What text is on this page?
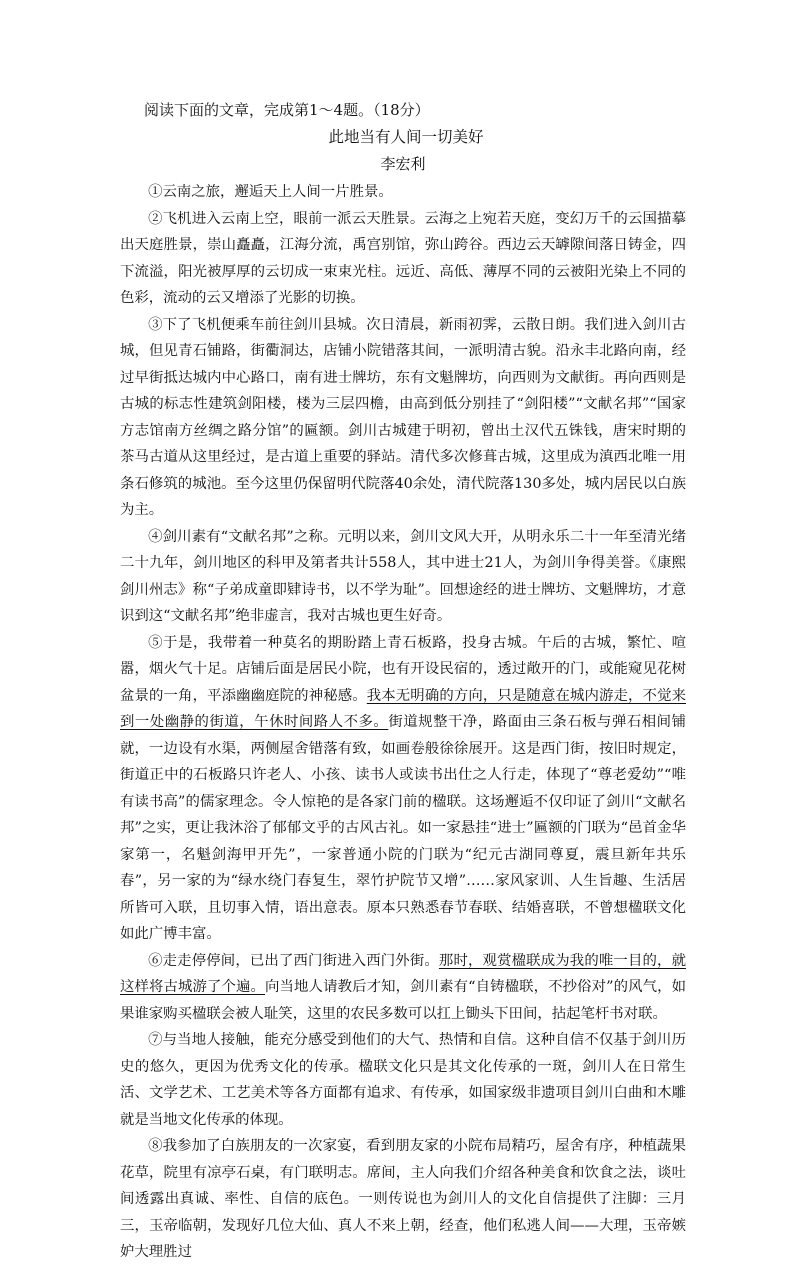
阅读下面的文章，完成第1～4题。（18分）

此地当有人间一切美好

李宏利

①云南之旅，邂逅天上人间一片胜景。

②飞机进入云南上空，眼前一派云天胜景。云海之上宛若天庭，变幻万千的云国描摹出天庭胜景，崇山矗矗，江海分流，禹宫别馆，弥山跨谷。西边云天罅隙间落日铸金，四下流溢，阳光被厚厚的云切成一束束光柱。远近、高低、薄厚不同的云被阳光染上不同的色彩，流动的云又增添了光影的切换。

③下了飞机便乘车前往剑川县城。次日清晨，新雨初霁，云散日朗。我们进入剑川古城，但见青石铺路，街衢洞达，店铺小院错落其间，一派明清古貌。沿永丰北路向南，经过早街抵达城内中心路口，南有进士牌坊，东有文魁牌坊，向西则为文献街。再向西则是古城的标志性建筑剑阳楼，楼为三层四檐，由高到低分别挂了“剑阳楼”“文献名邦”“国家方志馆南方丝绸之路分馆”的匾额。剑川古城建于明初，曾出土汉代五铢钱，唐宋时期的茶马古道从这里经过，是古道上重要的驿站。清代多次修葺古城，这里成为滇西北唯一用条石修筑的城池。至今这里仍保留明代院落40余处，清代院落130多处，城内居民以白族为主。

④剑川素有“文献名邦”之称。元明以来，剑川文风大开，从明永乐二十一年至清光绪二十九年，剑川地区的科甲及第者共计558人，其中进士21人，为剑川争得美誉。《康熙剑川州志》称“子弟成童即肄诗书，以不学为耻”。回想途经的进士牌坊、文魁牌坊，才意识到这“文献名邦”绝非虚言，我对古城也更生好奇。

⑤于是，我带着一种莫名的期盼踏上青石板路，投身古城。午后的古城，繁忙、喧嚣，烟火气十足。店铺后面是居民小院，也有开设民宿的，透过敞开的门，或能窥见花树盆景的一角，平添幽幽庭院的神秘感。我本无明确的方向，只是随意在城内游走，不觉来到一处幽静的街道，午休时间路人不多。街道规整干净，路面由三条石板与弹石相间铺就，一边设有水渠，两侧屋舍错落有致，如画卷般徐徐展开。这是西门街，按旧时规定，街道正中的石板路只许老人、小孩、读书人或读书出仕之人行走，体现了“尊老爱幼”“唯有读书高”的儒家理念。令人惊艳的是各家门前的楹联。这场邂逅不仅印证了剑川“文献名邦”之实，更让我沐浴了郁郁文乎的古风古礼。如一家悬挂“进士”匾额的门联为“邑首金华家第一，名魁剑海甲开先”，一家普通小院的门联为“纪元古湖同尊夏，震旦新年共乐春”，另一家的为“绿水绕门春复生，翠竹护院节又增”……家风家训、人生旨趣、生活居所皆可入联，且切事入情，语出意表。原本只熟悉春节春联、结婚喜联，不曾想楹联文化如此广博丰富。

⑥走走停停间，已出了西门街进入西门外街。那时，观赏楹联成为我的唯一目的，就这样将古城游了个遍。向当地人请教后才知，剑川素有“自铸楹联，不抄俗对”的风气，如果谁家购买楹联会被人耻笑，这里的农民多数可以扛上锄头下田间，拈起笔杆书对联。

⑦与当地人接触，能充分感受到他们的大气、热情和自信。这种自信不仅基于剑川历史的悠久，更因为优秀文化的传承。楹联文化只是其文化传承的一斑，剑川人在日常生活、文学艺术、工艺美术等各方面都有追求、有传承，如国家级非遗项目剑川白曲和木雕就是当地文化传承的体现。

⑧我参加了白族朋友的一次家宴，看到朋友家的小院布局精巧，屋舍有序，种植蔬果花草，院里有凉亭石桌，有门联明志。席间，主人向我们介绍各种美食和饮食之法，谈吐间透露出真诚、率性、自信的底色。一则传说也为剑川人的文化自信提供了注脚：三月三，玉帝临朝，发现好几位大仙、真人不来上朝，经查，他们私逃人间——大理，玉帝嫉妒大理胜过
